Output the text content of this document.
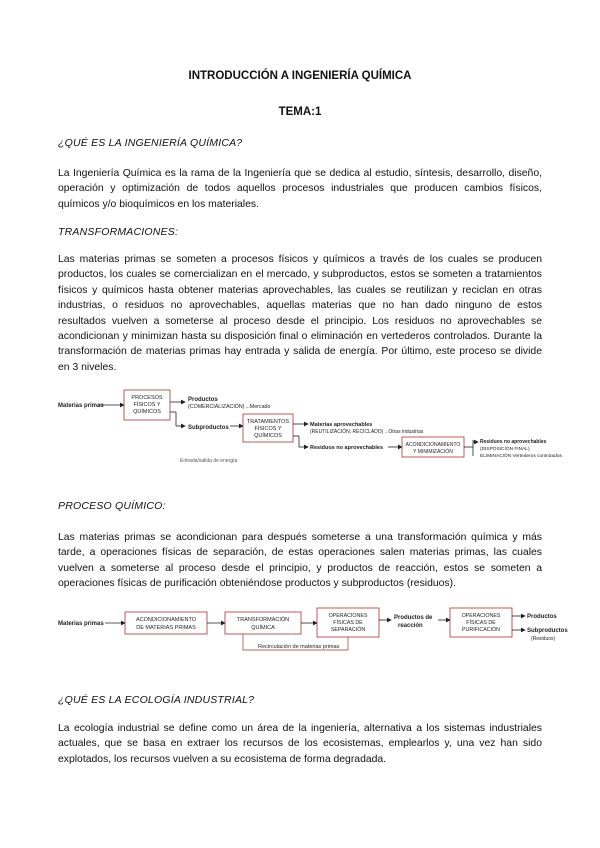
INTRODUCCIÓN A INGENIERÍA QUÍMICA
TEMA:1
¿QUÉ ES LA INGENIERÍA QUÍMICA?
La Ingeniería Química es la rama de la Ingeniería que se dedica al estudio, síntesis, desarrollo, diseño, operación y optimización de todos aquellos procesos industriales que producen cambios físicos, químicos y/o bioquímicos en los materiales.
TRANSFORMACIONES:
Las materias primas se someten a procesos físicos y químicos a través de los cuales se producen productos, los cuales se comercializan en el mercado, y subproductos, estos se someten a tratamientos físicos y químicos hasta obtener materias aprovechables, las cuales se reutilizan y reciclan en otras industrias, o residuos no aprovechables, aquellas materias que no han dado ninguno de estos resultados vuelven a someterse al proceso desde el principio. Los residuos no aprovechables se acondicionan y minimizan hasta su disposición final o eliminación en vertederos controlados. Durante la transformación de materias primas hay entrada y salida de energía. Por último, este proceso se divide en 3 niveles.
Materias primas
PROCESOS
FÍSICOS Y
QUÍMICOS
Productos
(COMERCIALIZACIÓN)→Mercado
Subproductos
TRATAMIENTOS
FÍSICOS Y
QUÍMICOS
Materias aprovechables
(REUTILIZACIÓN, RECICLADO)→Otras industrias
Residuos no aprovechables	ACONDICIONAMIENTO
Y MINIMIZACIÓN
Residuos no aprovechables
(DISPOSICIÓN FINAL)
ELIMINACIÓN Vertederos controlados
Entrada/salida de energía
PROCESO QUÍMICO:
Las materias primas se acondicionan para después someterse a una transformación química y más tarde, a operaciones físicas de separación, de estas operaciones salen materias primas, las cuales vuelven a someterse al proceso desde el principio, y productos de reacción, estos se someten a operaciones físicas de purificación obteniéndose productos y subproductos (residuos).
Materias primas
ACONDICIONAMIENTO
DE MATERIAS PRIMAS
TRANSFORMACIÓN
QUÍMICA
OPERACIONES
FÍSICAS DE
SEPARACIÓN
Productos de
reacción
OPERACIONES
FÍSICAS DE
PURIFICACIÓN
Productos
Subproductos
(Residuos)
Recirculación de materias primas
¿QUÉ ES LA ECOLOGÍA INDUSTRIAL?
La ecología industrial se define como un área de la ingeniería, alternativa a los sistemas industriales actuales, que se basa en extraer los recursos de los ecosistemas, emplearlos y, una vez han sido explotados, los recursos vuelven a su ecosistema de forma degradada.
